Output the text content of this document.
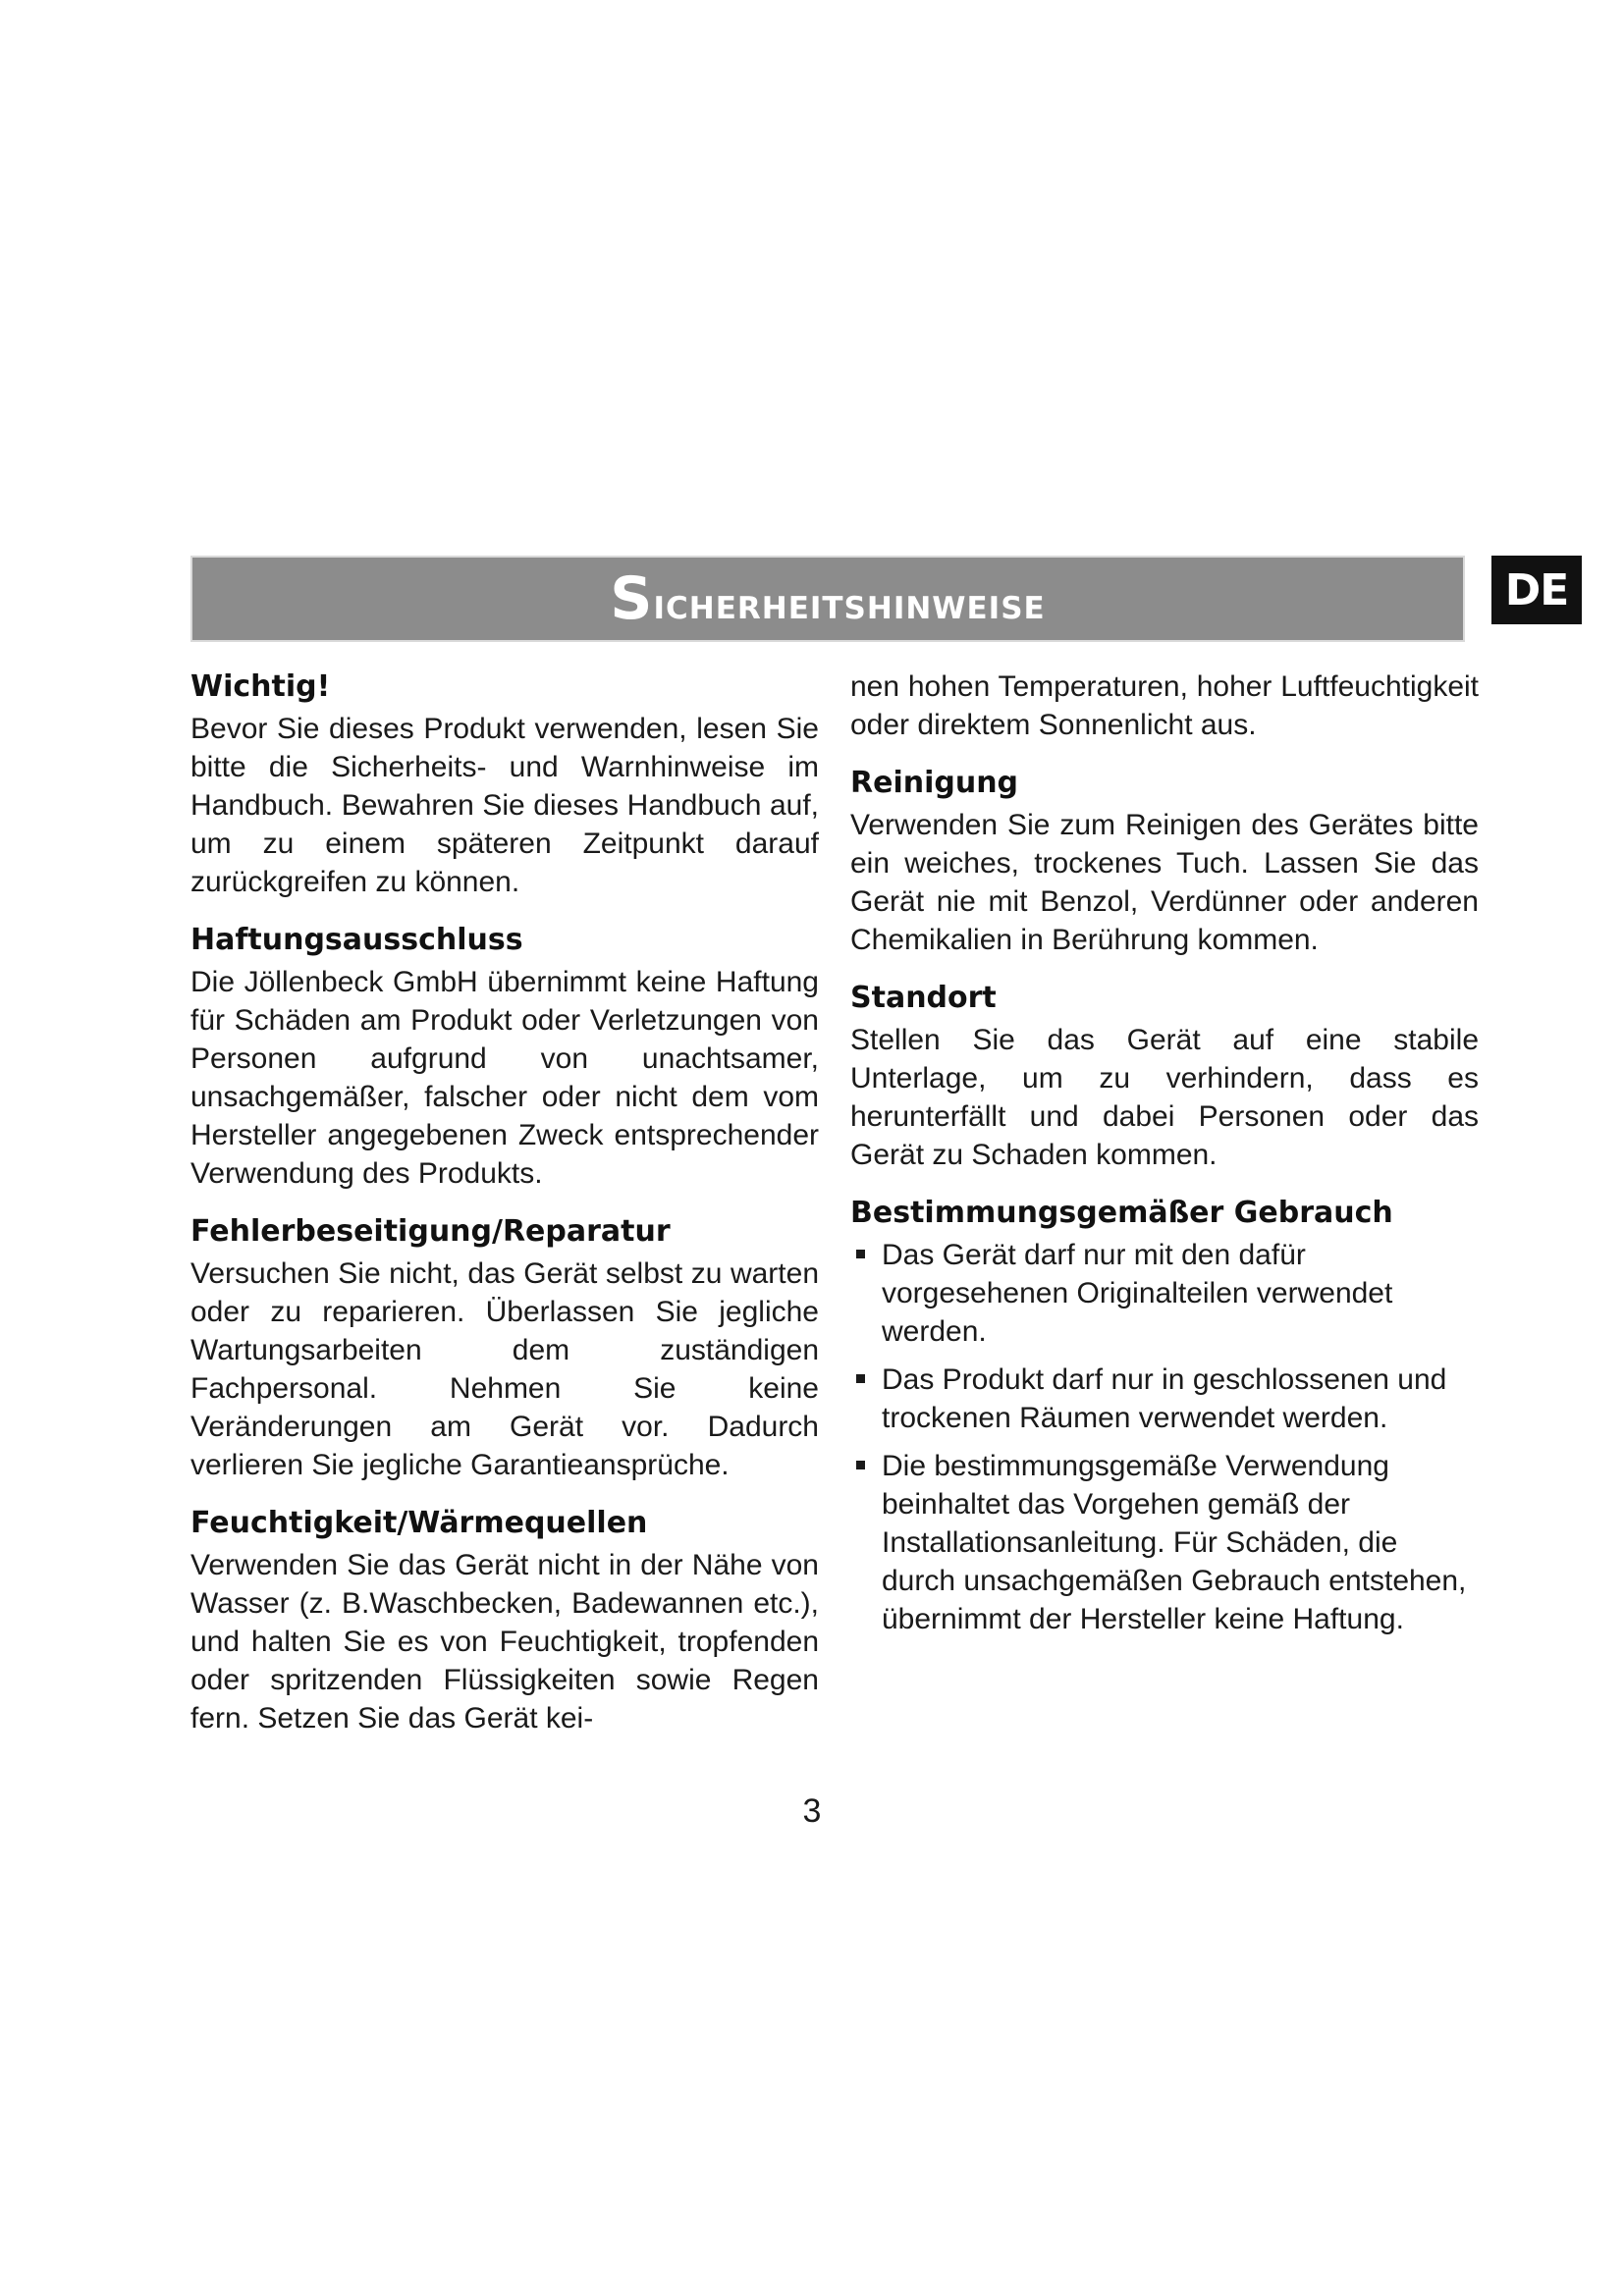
Sicherheitshinweise	DE
Wichtig!

Bevor Sie dieses Produkt verwenden, lesen Sie bitte die Sicherheits- und Warnhinweise im Handbuch. Bewahren Sie dieses Handbuch auf, um zu einem späteren Zeitpunkt darauf zurückgreifen zu können.

Haftungsausschluss

Die Jöllenbeck GmbH übernimmt keine Haftung für Schäden am Produkt oder Verletzungen von Personen aufgrund von unachtsamer, unsachgemäßer, falscher oder nicht dem vom Hersteller angegebenen Zweck entsprechender Verwendung des Produkts.

Fehlerbeseitigung/Reparatur

Versuchen Sie nicht, das Gerät selbst zu warten oder zu reparieren. Überlassen Sie jegliche Wartungsarbeiten dem zuständigen Fachpersonal. Nehmen Sie keine Veränderungen am Gerät vor. Dadurch verlieren Sie jegliche Garantieansprüche.

Feuchtigkeit/Wärmequellen

Verwenden Sie das Gerät nicht in der Nähe von Wasser (z. B.Waschbecken, Badewannen etc.), und halten Sie es von Feuchtigkeit, tropfenden oder spritzenden Flüssigkeiten sowie Regen fern. Setzen Sie das Gerät kei-

nen hohen Temperaturen, hoher Luftfeuchtigkeit oder direktem Sonnenlicht aus.

Reinigung

Verwenden Sie zum Reinigen des Gerätes bitte ein weiches, trockenes Tuch. Lassen Sie das Gerät nie mit Benzol, Verdünner oder anderen Chemikalien in Berührung kommen.

Standort

Stellen Sie das Gerät auf eine stabile Unterlage, um zu verhindern, dass es herunterfällt und dabei Personen oder das Gerät zu Schaden kommen.

Bestimmungsgemäßer Gebrauch
Das Gerät darf nur mit den dafür vorgesehenen Originalteilen verwendet werden.
Das Produkt darf nur in geschlossenen und trockenen Räumen verwendet werden.
Die bestimmungsgemäße Verwendung beinhaltet das Vorgehen gemäß der Installationsanleitung. Für Schäden, die durch unsachgemäßen Gebrauch entstehen, übernimmt der Hersteller keine Haftung.
3
